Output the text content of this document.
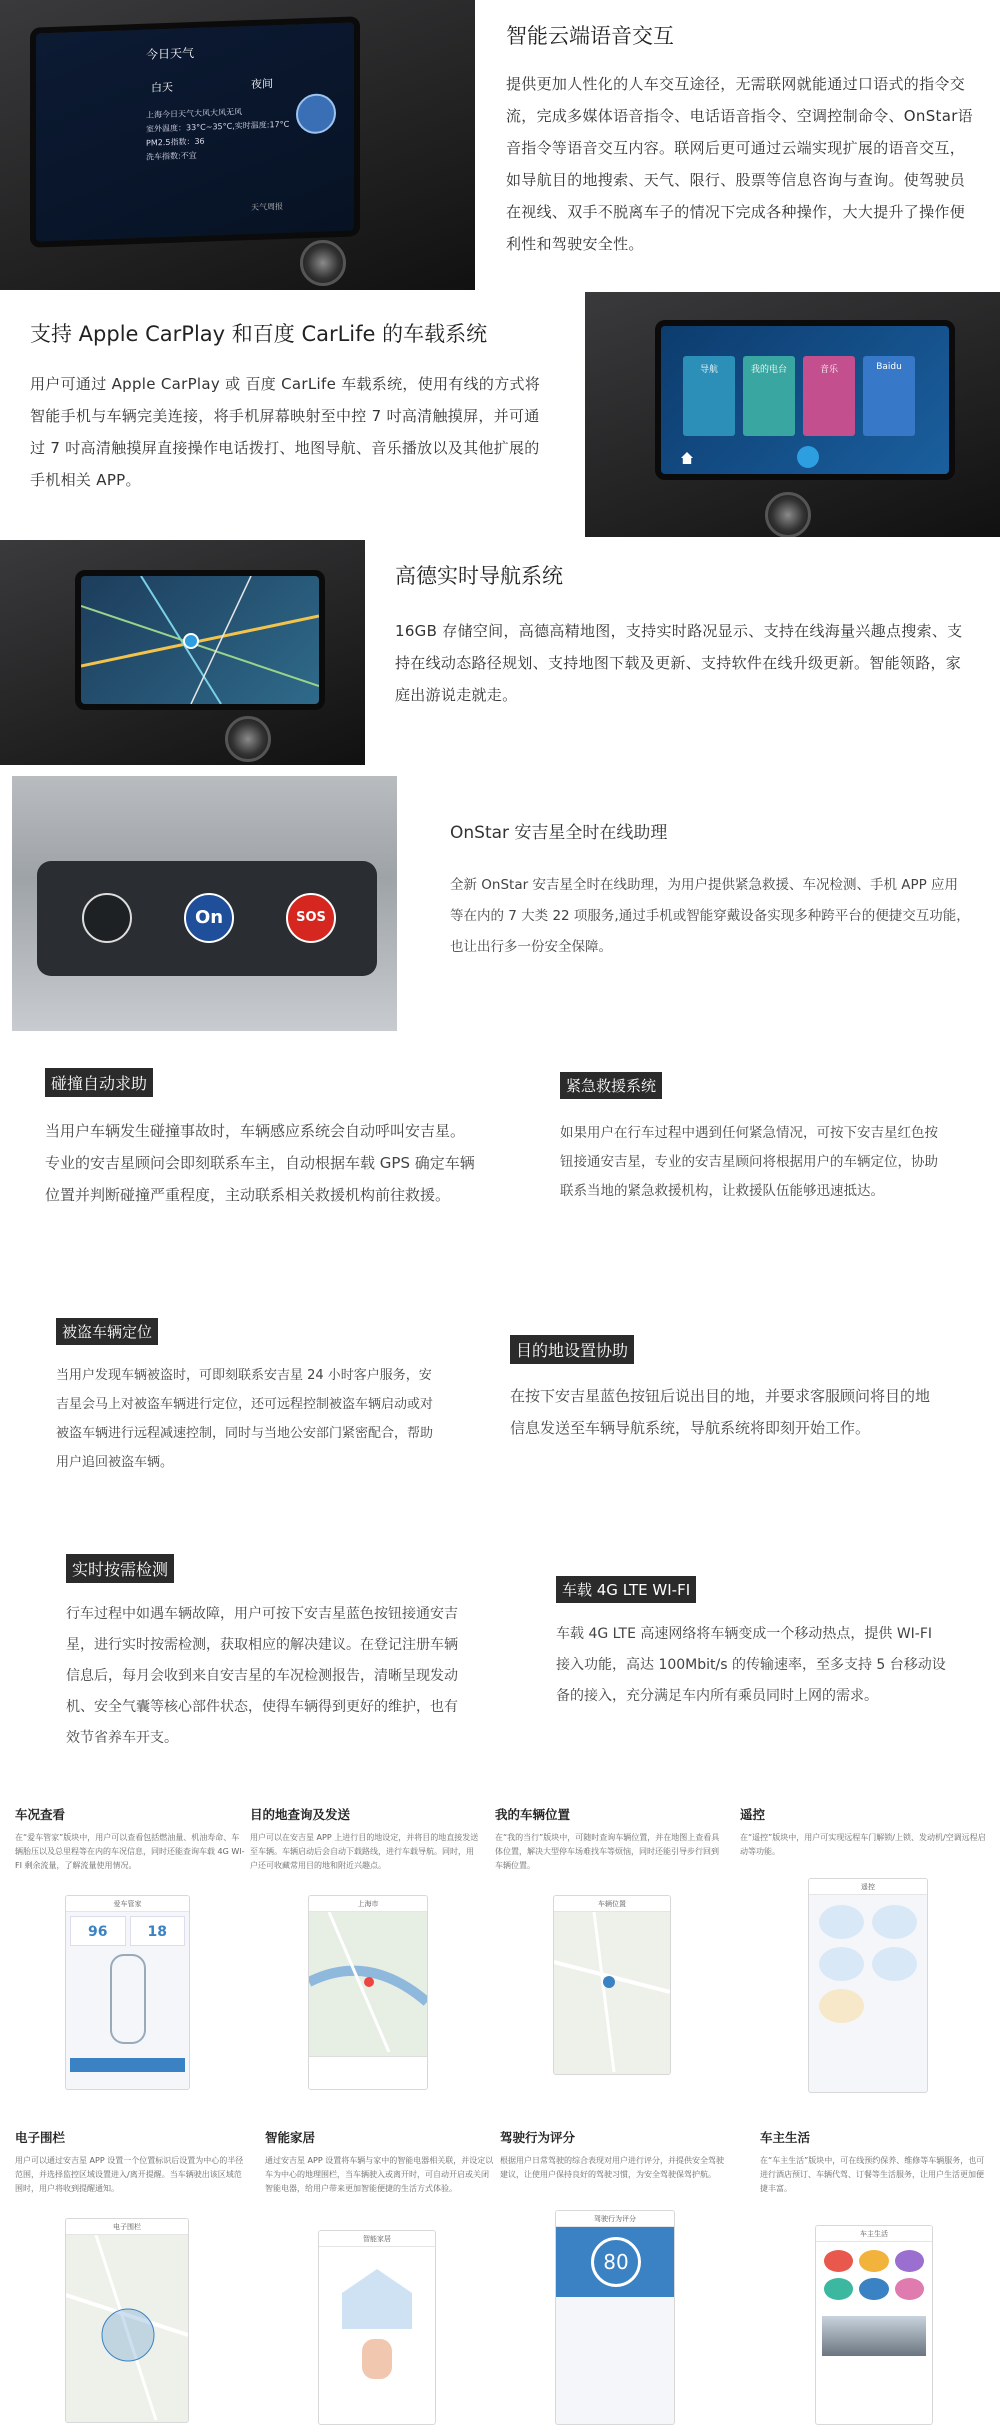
今日天气
白天	夜间
上海今日天气大风大风无风
室外温度：33°C~35°C,实时温度:17°C
PM2.5指数：36
洗车指数:不宜
天气周报
智能云端语音交互
提供更加人性化的人车交互途径，无需联网就能通过口语式的指令交流，完成多媒体语音指令、电话语音指令、空调控制命令、OnStar语音指令等语音交互内容。联网后更可通过云端实现扩展的语音交互，如导航目的地搜索、天气、限行、股票等信息咨询与查询。使驾驶员在视线、双手不脱离车子的情况下完成各种操作，大大提升了操作便利性和驾驶安全性。
支持 Apple CarPlay 和百度 CarLife 的车载系统
用户可通过 Apple CarPlay 或 百度 CarLife 车载系统，使用有线的方式将智能手机与车辆完美连接，将手机屏幕映射至中控 7 吋高清触摸屏，并可通过 7 吋高清触摸屏直接操作电话拨打、地图导航、音乐播放以及其他扩展的手机相关 APP。
导航	我的电台	音乐	Baidu
高德实时导航系统
16GB 存储空间，高德高精地图，支持实时路况显示、支持在线海量兴趣点搜索、支持在线动态路径规划、支持地图下载及更新、支持软件在线升级更新。智能领路，家庭出游说走就走。
On	SOS
OnStar 安吉星全时在线助理
全新 OnStar 安吉星全时在线助理，为用户提供紧急救援、车况检测、手机 APP 应用等在内的 7 大类 22 项服务,通过手机或智能穿戴设备实现多种跨平台的便捷交互功能，也让出行多一份安全保障。
碰撞自动求助
当用户车辆发生碰撞事故时，车辆感应系统会自动呼叫安吉星。专业的安吉星顾问会即刻联系车主，自动根据车载 GPS 确定车辆位置并判断碰撞严重程度，主动联系相关救援机构前往救援。
紧急救援系统
如果用户在行车过程中遇到任何紧急情况，可按下安吉星红色按钮接通安吉星，专业的安吉星顾问将根据用户的车辆定位，协助联系当地的紧急救援机构，让救援队伍能够迅速抵达。
被盗车辆定位
当用户发现车辆被盗时，可即刻联系安吉星 24 小时客户服务，安吉星会马上对被盗车辆进行定位，还可远程控制被盗车辆启动或对被盗车辆进行远程减速控制，同时与当地公安部门紧密配合，帮助用户追回被盗车辆。
目的地设置协助
在按下安吉星蓝色按钮后说出目的地，并要求客服顾问将目的地信息发送至车辆导航系统，导航系统将即刻开始工作。
实时按需检测
行车过程中如遇车辆故障，用户可按下安吉星蓝色按钮接通安吉星，进行实时按需检测，获取相应的解决建议。在登记注册车辆信息后，每月会收到来自安吉星的车况检测报告，清晰呈现发动机、安全气囊等核心部件状态，使得车辆得到更好的维护，也有效节省养车开支。
车载 4G LTE WI-FI
车载 4G LTE 高速网络将车辆变成一个移动热点，提供 WI-FI 接入功能，高达 100Mbit/s 的传输速率，至多支持 5 台移动设备的接入，充分满足车内所有乘员同时上网的需求。
车况查看
在“爱车管家”版块中，用户可以查看包括燃油量、机油寿命、车辆胎压以及总里程等在内的车况信息，同时还能查询车载 4G WI-FI 剩余流量，了解流量使用情况。
爱车管家
96	18
目的地查询及发送
用户可以在安吉星 APP 上进行目的地设定，并将目的地直接发送至车辆。车辆启动后会自动下载路线，进行车载导航。同时，用户还可收藏常用目的地和附近兴趣点。
上海市
我的车辆位置
在“我的当行”版块中，可随时查询车辆位置，并在地图上查看具体位置，解决大型停车场难找车等烦恼，同时还能引导步行回到车辆位置。
车辆位置
遥控
在“遥控”版块中，用户可实现远程车门解锁/上锁、发动机/空调远程启动等功能。
遥控
电子围栏
用户可以通过安吉星 APP 设置一个位置标识后设置为中心的半径范围，并选择监控区域设置进入/离开提醒。当车辆驶出该区域范围时，用户将收到提醒通知。
电子围栏
智能家居
通过安吉星 APP 设置将车辆与家中的智能电器相关联，并设定以车为中心的地理围栏，当车辆驶入或离开时，可自动开启或关闭智能电器，给用户带来更加智能便捷的生活方式体验。
智能家居
驾驶行为评分
根据用户日常驾驶的综合表现对用户进行评分，并提供安全驾驶建议，让使用户保持良好的驾驶习惯，为安全驾驶保驾护航。
驾驶行为评分
80
车主生活
在“车主生活”版块中，可在线预约保养、维修等车辆服务，也可进行酒店预订、车辆代驾、订餐等生活服务，让用户生活更加便捷丰富。
车主生活
